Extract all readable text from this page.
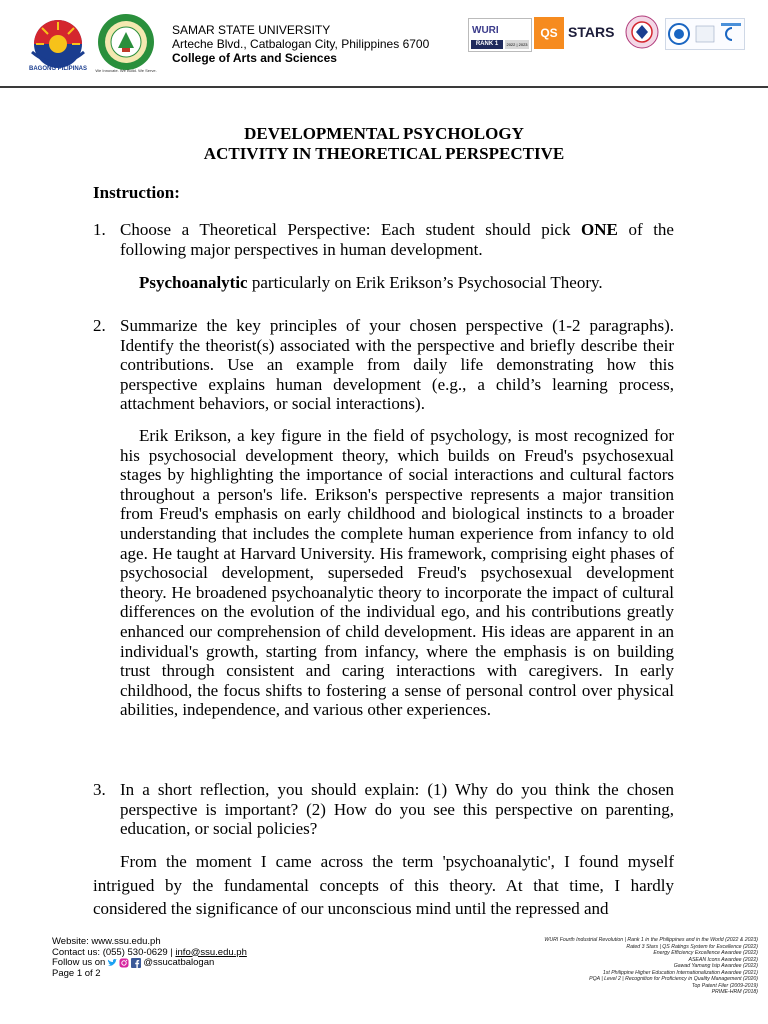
BAGONG PILIPINAS	We Innovate. We Build. We Serve.
SAMAR STATE UNIVERSITY
Arteche Blvd., Catbalogan City, Philippines 6700
College of Arts and Sciences
WURI
RANK 1	2022 | 2023
QS STARS
DEVELOPMENTAL PSYCHOLOGY
ACTIVITY IN THEORETICAL PERSPECTIVE
Instruction:
1. Choose a Theoretical Perspective: Each student should pick ONE of the following major perspectives in human development.
Psychoanalytic particularly on Erik Erikson’s Psychosocial Theory.
2. Summarize the key principles of your chosen perspective (1-2 paragraphs). Identify the theorist(s) associated with the perspective and briefly describe their contributions. Use an example from daily life demonstrating how this perspective explains human development (e.g., a child’s learning process, attachment behaviors, or social interactions).
Erik Erikson, a key figure in the field of psychology, is most recognized for his psychosocial development theory, which builds on Freud's psychosexual stages by highlighting the importance of social interactions and cultural factors throughout a person's life. Erikson's perspective represents a major transition from Freud's emphasis on early childhood and biological instincts to a broader understanding that includes the complete human experience from infancy to old age. He taught at Harvard University. His framework, comprising eight phases of psychosocial development, superseded Freud's psychosexual development theory. He broadened psychoanalytic theory to incorporate the impact of cultural differences on the evolution of the individual ego, and his contributions greatly enhanced our comprehension of child development. His ideas are apparent in an individual's growth, starting from infancy, where the emphasis is on building trust through consistent and caring interactions with caregivers. In early childhood, the focus shifts to fostering a sense of personal control over physical abilities, independence, and various other experiences.
3. In a short reflection, you should explain: (1) Why do you think the chosen perspective is important? (2) How do you see this perspective on parenting, education, or social policies?
From the moment I came across the term 'psychoanalytic', I found myself intrigued by the fundamental concepts of this theory. At that time, I hardly considered the significance of our unconscious mind until the repressed and
Website: www.ssu.edu.ph
Contact us: (055) 530-0629 | info@ssu.edu.ph
Follow us on	@ssucatbalogan
Page 1 of 2
WURI Fourth Industrial Revolution | Rank 1 in the Philippines and in the World (2022 & 2023)
Rated 3 Stars | QS Ratings System for Excellence (2022)
Energy Efficiency Excellence Awardee (2022)
ASEAN Icons Awardee (2022)
Gawad Yamang Isip Awardee (2022)
1st Philippine Higher Education Internationalization Awardee (2021)
PQA | Level 2 | Recognition for Proficiency in Quality Management (2020)
Top Patent Filer (2009-2019)
PRIME-HRM (2018)
